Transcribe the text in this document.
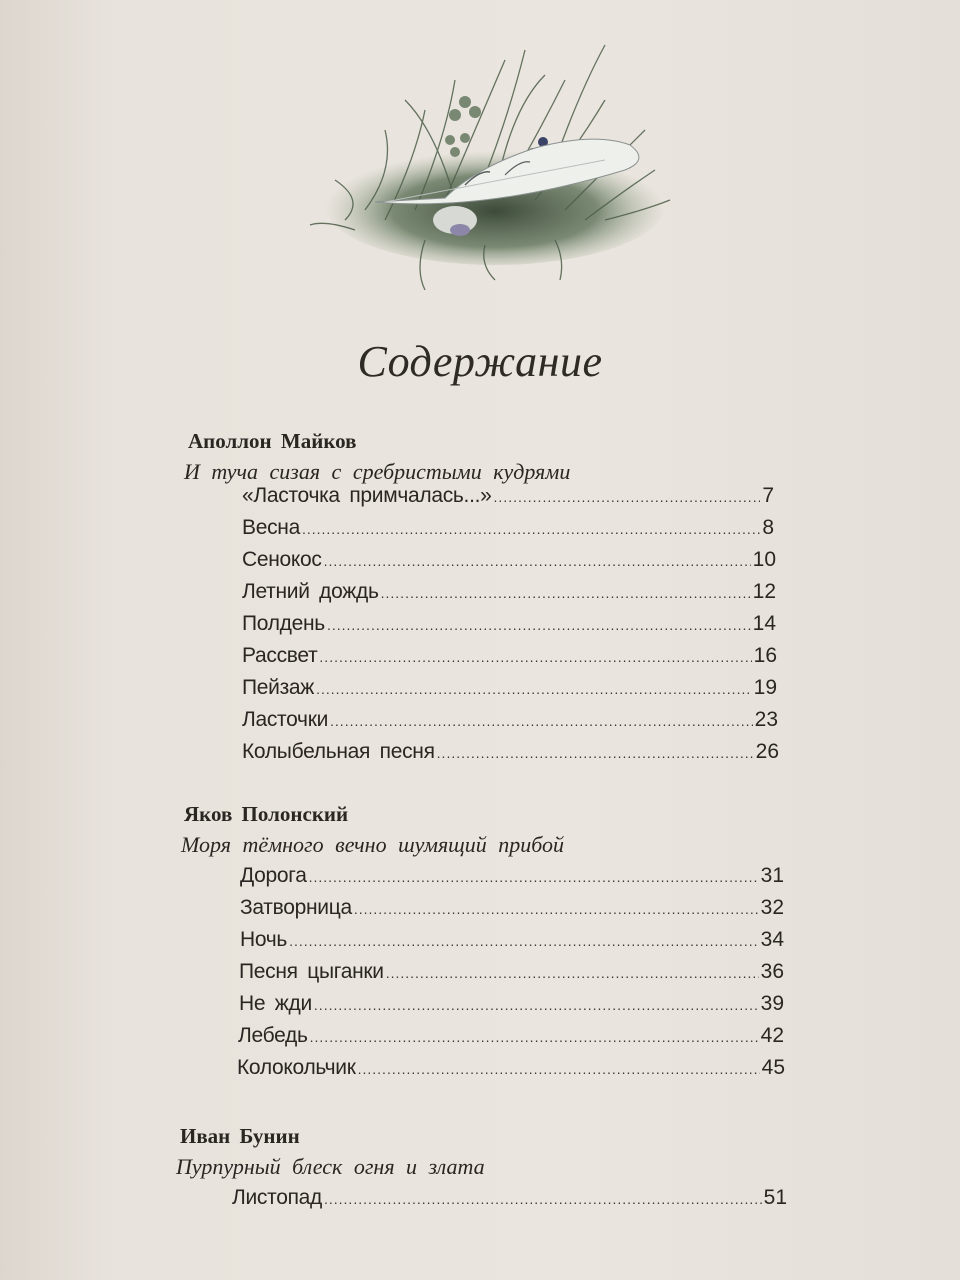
Содержание
Аполлон Майков
И туча сизая с сребристыми кудрями
«Ласточка примчалась...» .....	7
Весна .....	8
Сенокос .....	10
Летний дождь .....	12
Полдень .....	14
Рассвет .....	16
Пейзаж .....	19
Ласточки .....	23
Колыбельная песня .....	26
Яков Полонский
Моря тёмного вечно шумящий прибой
Дорога .....	31
Затворница .....	32
Ночь .....	34
Песня цыганки .....	36
Не жди .....	39
Лебедь .....	42
Колокольчик .....	45
Иван Бунин
Пурпурный блеск огня и злата
Листопад .....	51
